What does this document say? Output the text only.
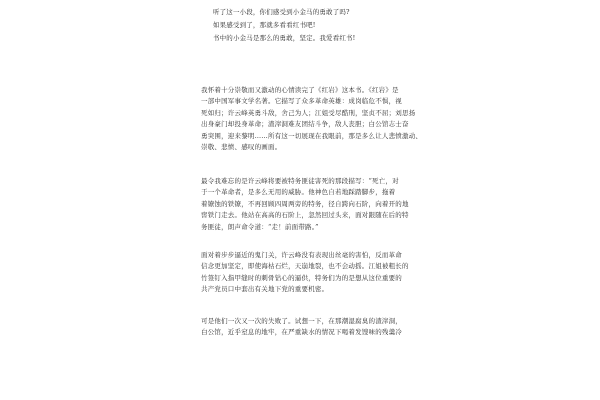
听了这一小段，你们感受到小金马的勇敢了吗?
如果感受到了，那就多看看红书吧!
书中的小金马是那么的勇敢，坚定。我爱看红书!
我怀着十分崇敬而又激动的心情读完了《红岩》这本书。《红岩》是
一部中国军事文学名著。它描写了众多革命英雄：成岗临危不惧，视
死如归；许云峰英勇斗敌，舍己为人；江姐受尽酷刑，坚贞不屈；刘思扬
出身豪门却投身革命；渣滓洞难友团结斗争，敌人丧胆；白公馆志士奋
勇突围，迎来黎明……所有这一切展现在我眼前，那是多么让人悲愤激动、
崇敬、悲愤、感叹的画面。
最令我难忘的是许云峰将要被特务匪徒害死的那段描写：“死亡，对
于一个革命者，是多么无用的威胁。他神色自若地踩踏脚步，拖着
着镣蚀的铁镣，不再回顾四周两旁的特务，径自跨向石阶，向着开的地
窖铁门走去。他站在高高的石阶上，忽然回过头来，面对跟随在后的特
务匪徒，朗声命令道：“走！前面带路。”
面对着步步逼近的鬼门关，许云峰没有表现出丝毫的害怕，反而革命
信念更加坚定，即使海枯石烂，天崩地裂，也不会动摇。江姐被粗长的
竹签钉入指甲缝时的刺骨钻心的逼供，特务们为的是想从这位重要的
共产党员口中套出有关地下党的重要机密。
可是他们一次又一次的失败了。试想一下，在那潮湿腐臭的渣滓洞，
白公馆，近乎窒息的地牢，在严重缺水的情况下喝着发馊味的残羹冷
